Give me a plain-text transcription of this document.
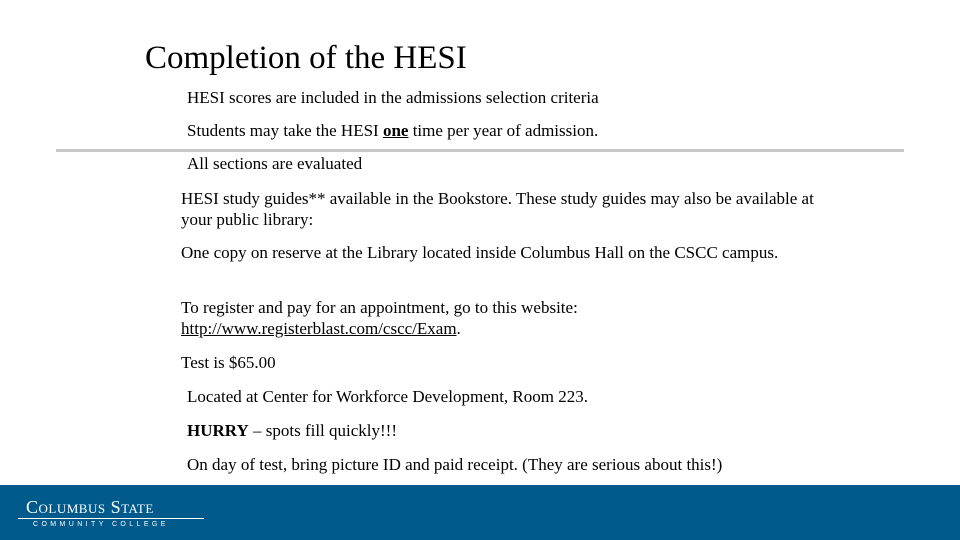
Completion of the HESI
HESI scores are included in the admissions selection criteria
Students may take the HESI one time per year of admission.
All sections are evaluated
HESI study guides** available in the Bookstore. These study guides may also be available at your public library:
One copy on reserve at the Library located inside Columbus Hall on the CSCC campus.
To register and pay for an appointment, go to this website: http://www.registerblast.com/cscc/Exam.
Test is $65.00
Located at Center for Workforce Development, Room 223.
HURRY – spots fill quickly!!!
On day of test, bring picture ID and paid receipt. (They are serious about this!)
Columbus State
COMMUNITY COLLEGE
